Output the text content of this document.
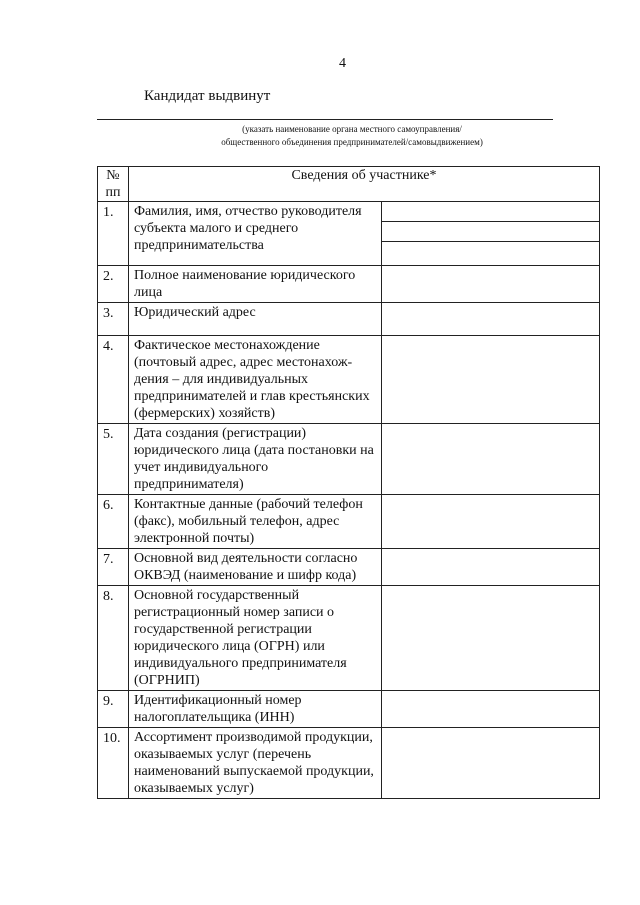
4
Кандидат выдвинут
(указать наименование органа местного самоуправления/
общественного объединения предпринимателей/самовыдвижением)
№
пп	Сведения об участнике*	
1.	Фамилия, имя, отчество руководителя субъекта малого и среднего предпринимательства	

2.	Полное наименование юридического лица	
3.	Юридический адрес	
4.	Фактическое местонахождение (почтовый адрес, адрес местонахож-дения – для индивидуальных предпринимателей и глав крестьянских (фермерских) хозяйств)	
5.	Дата создания (регистрации) юридического лица (дата постановки на учет индивидуального предпринимателя)	
6.	Контактные данные (рабочий телефон (факс), мобильный телефон, адрес электронной почты)	
7.	Основной вид деятельности согласно ОКВЭД (наименование и шифр кода)	
8.	Основной государственный регистрационный номер записи о государственной регистрации юридического лица (ОГРН) или индивидуального предпринимателя (ОГРНИП)	
9.	Идентификационный номер налогоплательщика (ИНН)	
10.	Ассортимент производимой продукции, оказываемых услуг (перечень наименований выпускаемой продукции, оказываемых услуг)	
